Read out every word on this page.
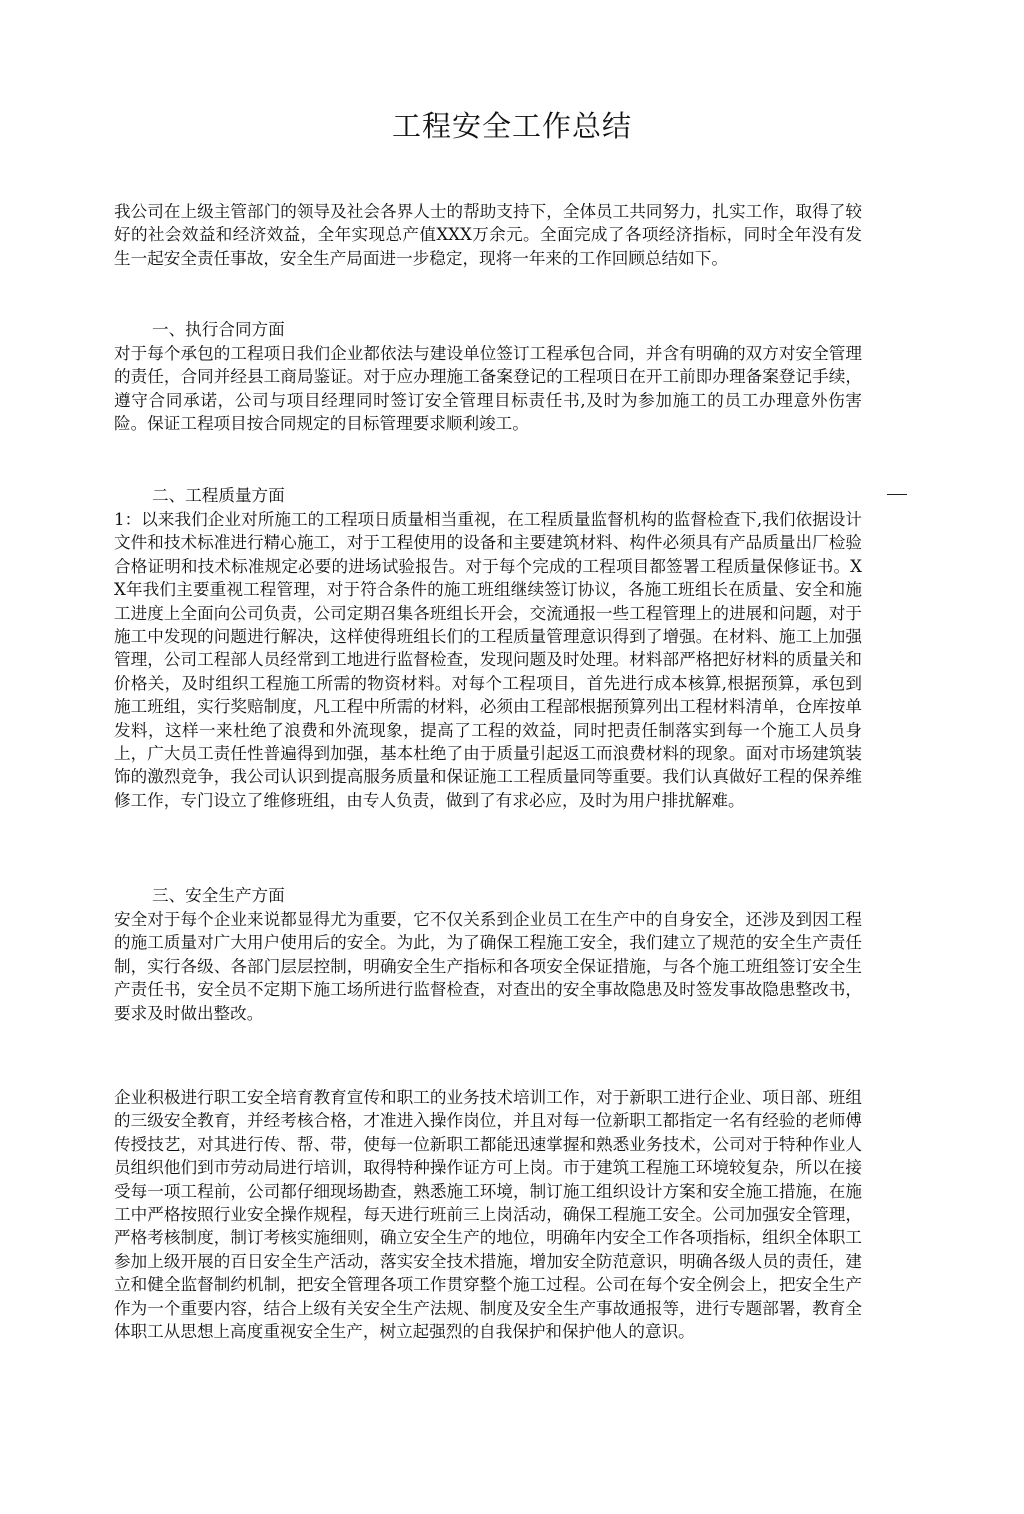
工程安全工作总结

我公司在上级主管部门的领导及社会各界人士的帮助支持下，全体员工共同努力，扎实工作，取得了较好的社会效益和经济效益，全年实现总产值XXX万余元。全面完成了各项经济指标，同时全年没有发生一起安全责任事故，安全生产局面进一步稳定，现将一年来的工作回顾总结如下。

一、执行合同方面

对于每个承包的工程项日我们企业都依法与建设单位签订工程承包合同，并含有明确的双方对安全管理的责任，合同并经县工商局鉴证。对于应办理施工备案登记的工程项日在开工前即办理备案登记手续，遵守合同承诺，公司与项目经理同时签订安全管理目标责任书,及时为参加施工的员工办理意外伤害险。保证工程项目按合同规定的目标管理要求顺利竣工。

二、工程质量方面

1：以来我们企业对所施工的工程项日质量相当重视，在工程质量监督机构的监督检查下,我们依据设计文件和技术标准进行精心施工，对于工程使用的设备和主要建筑材料、构件必须具有产品质量出厂检验合格证明和技术标准规定必要的进场试验报告。对于每个完成的工程项目都签署工程质量保修证书。XX年我们主要重视工程管理，对于符合条件的施工班组继续签订协议，各施工班组长在质量、安全和施工进度上全面向公司负责，公司定期召集各班组长开会，交流通报一些工程管理上的进展和问题，对于施工中发现的问题进行解决，这样使得班组长们的工程质量管理意识得到了增强。在材料、施工上加强管理，公司工程部人员经常到工地进行监督检查，发现问题及时处理。材料部严格把好材料的质量关和价格关，及时组织工程施工所需的物资材料。对每个工程项目，首先进行成本核算,根据预算，承包到施工班组，实行奖赔制度，凡工程中所需的材料，必须由工程部根据预算列出工程材料清单，仓库按单发料，这样一来杜绝了浪费和外流现象，提高了工程的效益，同时把责任制落实到每一个施工人员身上，广大员工责任性普遍得到加强，基本杜绝了由于质量引起返工而浪费材料的现象。面对市场建筑装饰的激烈竞争，我公司认识到提高服务质量和保证施工工程质量同等重要。我们认真做好工程的保养维修工作，专门设立了维修班组，由专人负责，做到了有求必应，及时为用户排扰解难。

三、安全生产方面

安全对于每个企业来说都显得尤为重要，它不仅关系到企业员工在生产中的自身安全，还涉及到因工程的施工质量对广大用户使用后的安全。为此，为了确保工程施工安全，我们建立了规范的安全生产责任制，实行各级、各部门层层控制，明确安全生产指标和各项安全保证措施，与各个施工班组签订安全生产责任书，安全员不定期下施工场所进行监督检查，对查出的安全事故隐患及时签发事故隐患整改书，要求及时做出整改。

企业积极进行职工安全培育教育宣传和职工的业务技术培训工作，对于新职工进行企业、项日部、班组的三级安全教育，并经考核合格，才准进入操作岗位，并且对每一位新职工都指定一名有经验的老师傅传授技艺，对其进行传、帮、带，使每一位新职工都能迅速掌握和熟悉业务技术，公司对于特种作业人员组织他们到市劳动局进行培训，取得特种操作证方可上岗。市于建筑工程施工环境较复杂，所以在接受每一项工程前，公司都仔细现场勘查，熟悉施工环境，制订施工组织设计方案和安全施工措施，在施工中严格按照行业安全操作规程，每天进行班前三上岗活动，确保工程施工安全。公司加强安全管理，严格考核制度，制订考核实施细则，确立安全生产的地位，明确年内安全工作各项指标，组织全体职工参加上级开展的百日安全生产活动，落实安全技术措施，增加安全防范意识，明确各级人员的责任，建立和健全监督制约机制，把安全管理各项工作贯穿整个施工过程。公司在每个安全例会上，把安全生产作为一个重要内容，结合上级有关安全生产法规、制度及安全生产事故通报等，进行专题部署，教育全体职工从思想上高度重视安全生产，树立起强烈的自我保护和保护他人的意识。
